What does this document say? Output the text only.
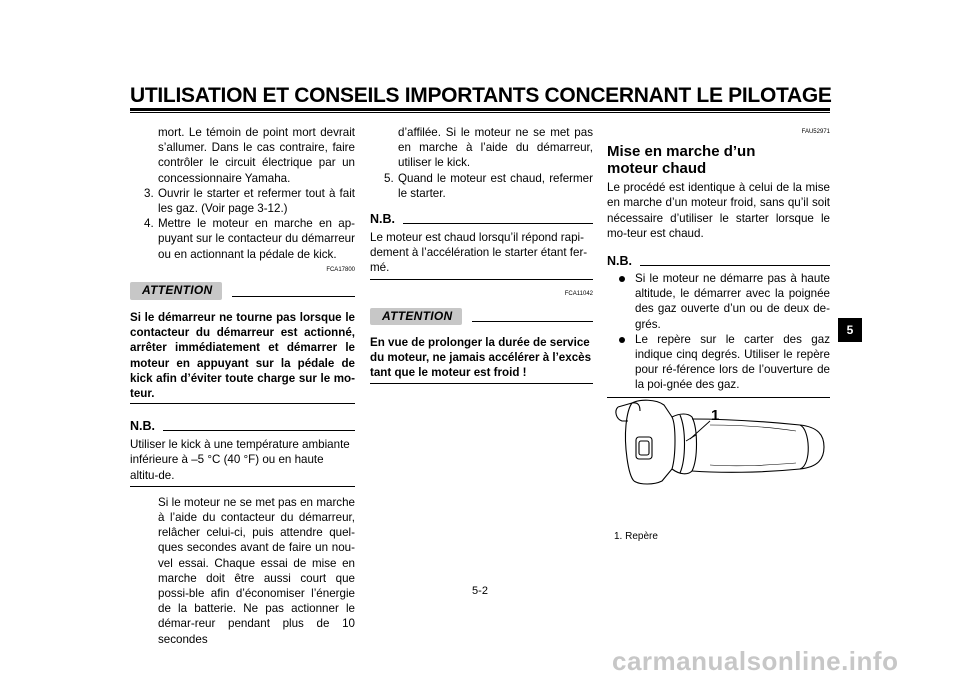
UTILISATION ET CONSEILS IMPORTANTS CONCERNANT LE PILOTAGE

mort. Le témoin de point mort devrait s’allumer. Dans le cas contraire, faire contrôler le circuit électrique par un concessionnaire Yamaha.

3. Ouvrir le starter et refermer tout à fait les gaz. (Voir page 3-12.)

4. Mettre le moteur en marche en ap-puyant sur le contacteur du démarreur ou en actionnant la pédale de kick.

FCA17800
ATTENTION

Si le démarreur ne tourne pas lorsque le contacteur du démarreur est actionné, arrêter immédiatement et démarrer le moteur en appuyant sur la pédale de kick afin d’éviter toute charge sur le mo-teur.

N.B.

Utiliser le kick à une température ambiante inférieure à –5 °C (40 °F) ou en haute altitu-de.

Si le moteur ne se met pas en marche à l’aide du contacteur du démarreur, relâcher celui-ci, puis attendre quel-ques secondes avant de faire un nou-vel essai. Chaque essai de mise en marche doit être aussi court que possi-ble afin d’économiser l’énergie de la batterie. Ne pas actionner le démar-reur pendant plus de 10 secondes

d’affilée. Si le moteur ne se met pas en marche à l’aide du démarreur, utiliser le kick.

5. Quand le moteur est chaud, refermer le starter.

N.B.

Le moteur est chaud lorsqu’il répond rapi-dement à l’accélération le starter étant fer-mé.

FCA11042
ATTENTION

En vue de prolonger la durée de service du moteur, ne jamais accélérer à l’excès tant que le moteur est froid !

FAU52971
Mise en marche d’un moteur chaud

Le procédé est identique à celui de la mise en marche d’un moteur froid, sans qu’il soit nécessaire d’utiliser le starter lorsque le mo-teur est chaud.

N.B.

Si le moteur ne démarre pas à haute altitude, le démarrer avec la poignée des gaz ouverte d’un ou de deux de-grés.

Le repère sur le carter des gaz indique cinq degrés. Utiliser le repère pour ré-férence lors de l’ouverture de la poi-gnée des gaz.

1
1. Repère
5
5-2
carmanualsonline.info
